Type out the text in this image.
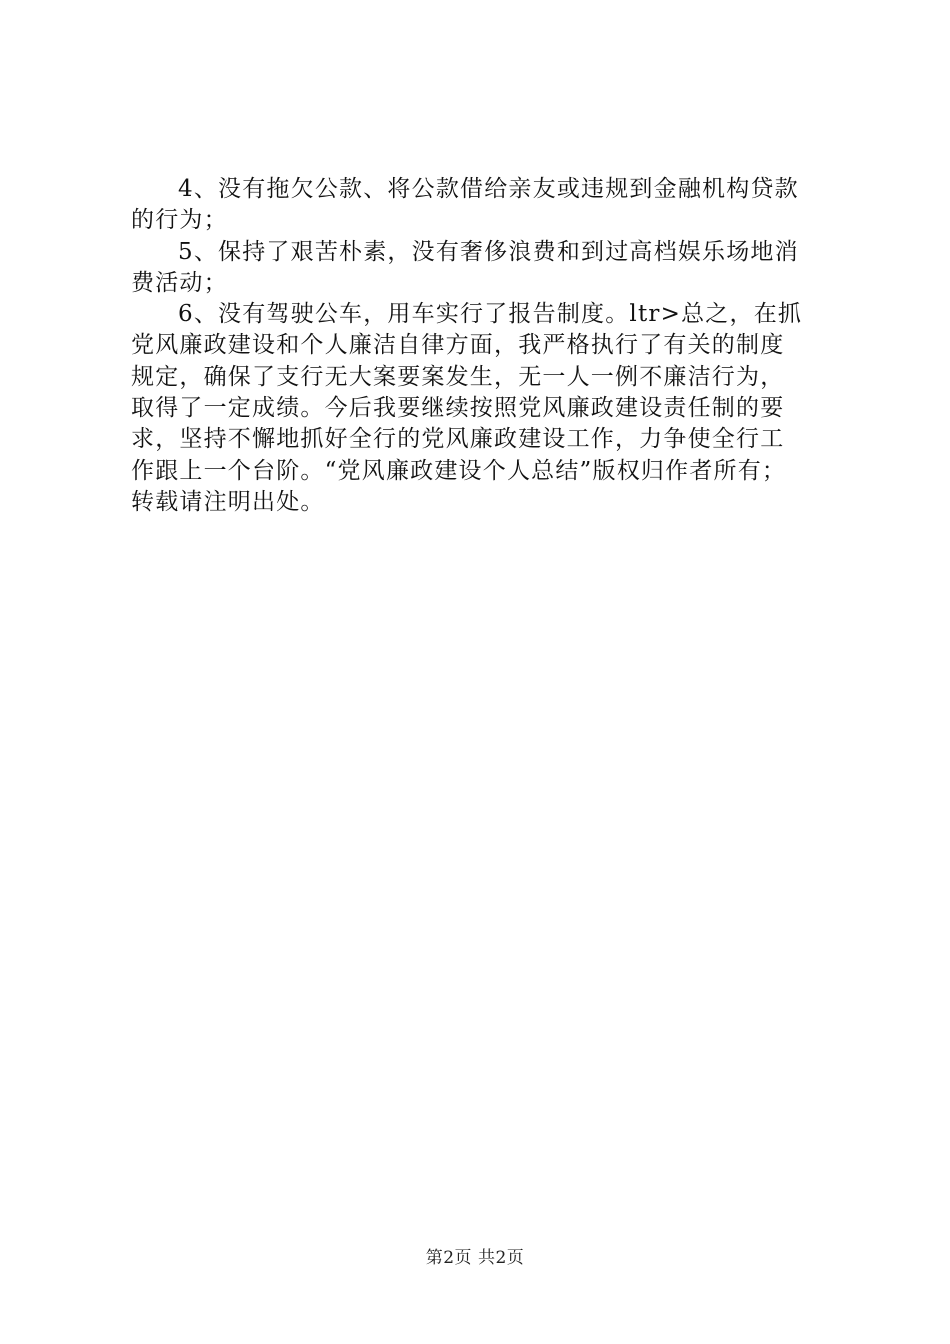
4、没有拖欠公款、将公款借给亲友或违规到金融机构贷款
的行为；
5、保持了艰苦朴素，没有奢侈浪费和到过高档娱乐场地消
费活动；
6、没有驾驶公车，用车实行了报告制度。ltr>总之，在抓
党风廉政建设和个人廉洁自律方面，我严格执行了有关的制度
规定，确保了支行无大案要案发生，无一人一例不廉洁行为，
取得了一定成绩。今后我要继续按照党风廉政建设责任制的要
求，坚持不懈地抓好全行的党风廉政建设工作，力争使全行工
作跟上一个台阶。“党风廉政建设个人总结”版权归作者所有；
转载请注明出处。
第2页 共2页
